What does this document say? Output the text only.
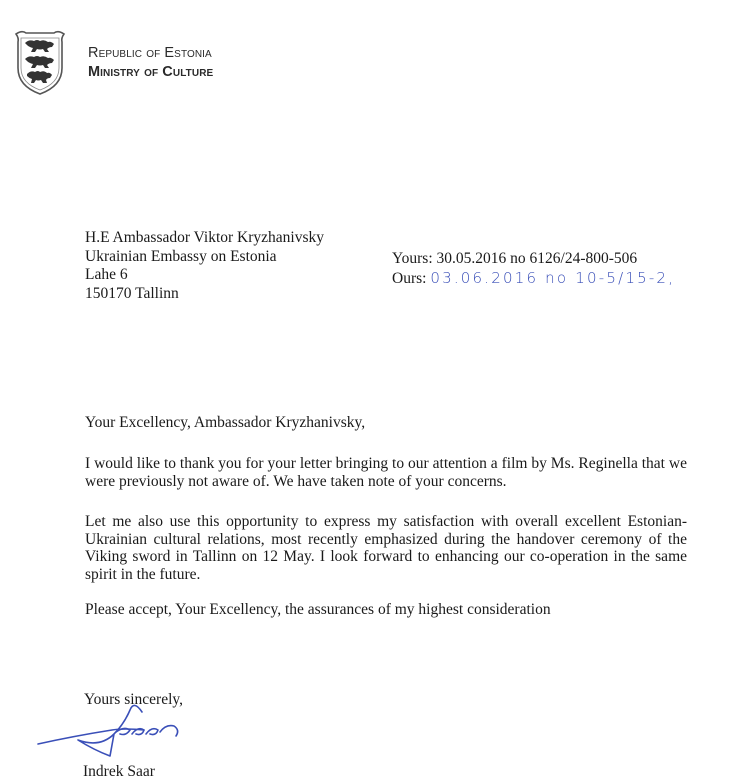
Republic of Estonia
Ministry of Culture
H.E Ambassador Viktor Kryzhanivsky
Ukrainian Embassy on Estonia
Lahe 6
150170 Tallinn
Yours: 30.05.2016 no 6126/24-800-506
Ours: 03.06.2016 no 10-5/15-2,
Your Excellency, Ambassador Kryzhanivsky,
I would like to thank you for your letter bringing to our attention a film by Ms. Reginella that we were previously not aware of. We have taken note of your concerns.
Let me also use this opportunity to express my satisfaction with overall excellent Estonian-Ukrainian cultural relations, most recently emphasized during the handover ceremony of the Viking sword in Tallinn on 12 May. I look forward to enhancing our co-operation in the same spirit in the future.
Please accept, Your Excellency, the assurances of my highest consideration
Yours sincerely,
Indrek Saar
